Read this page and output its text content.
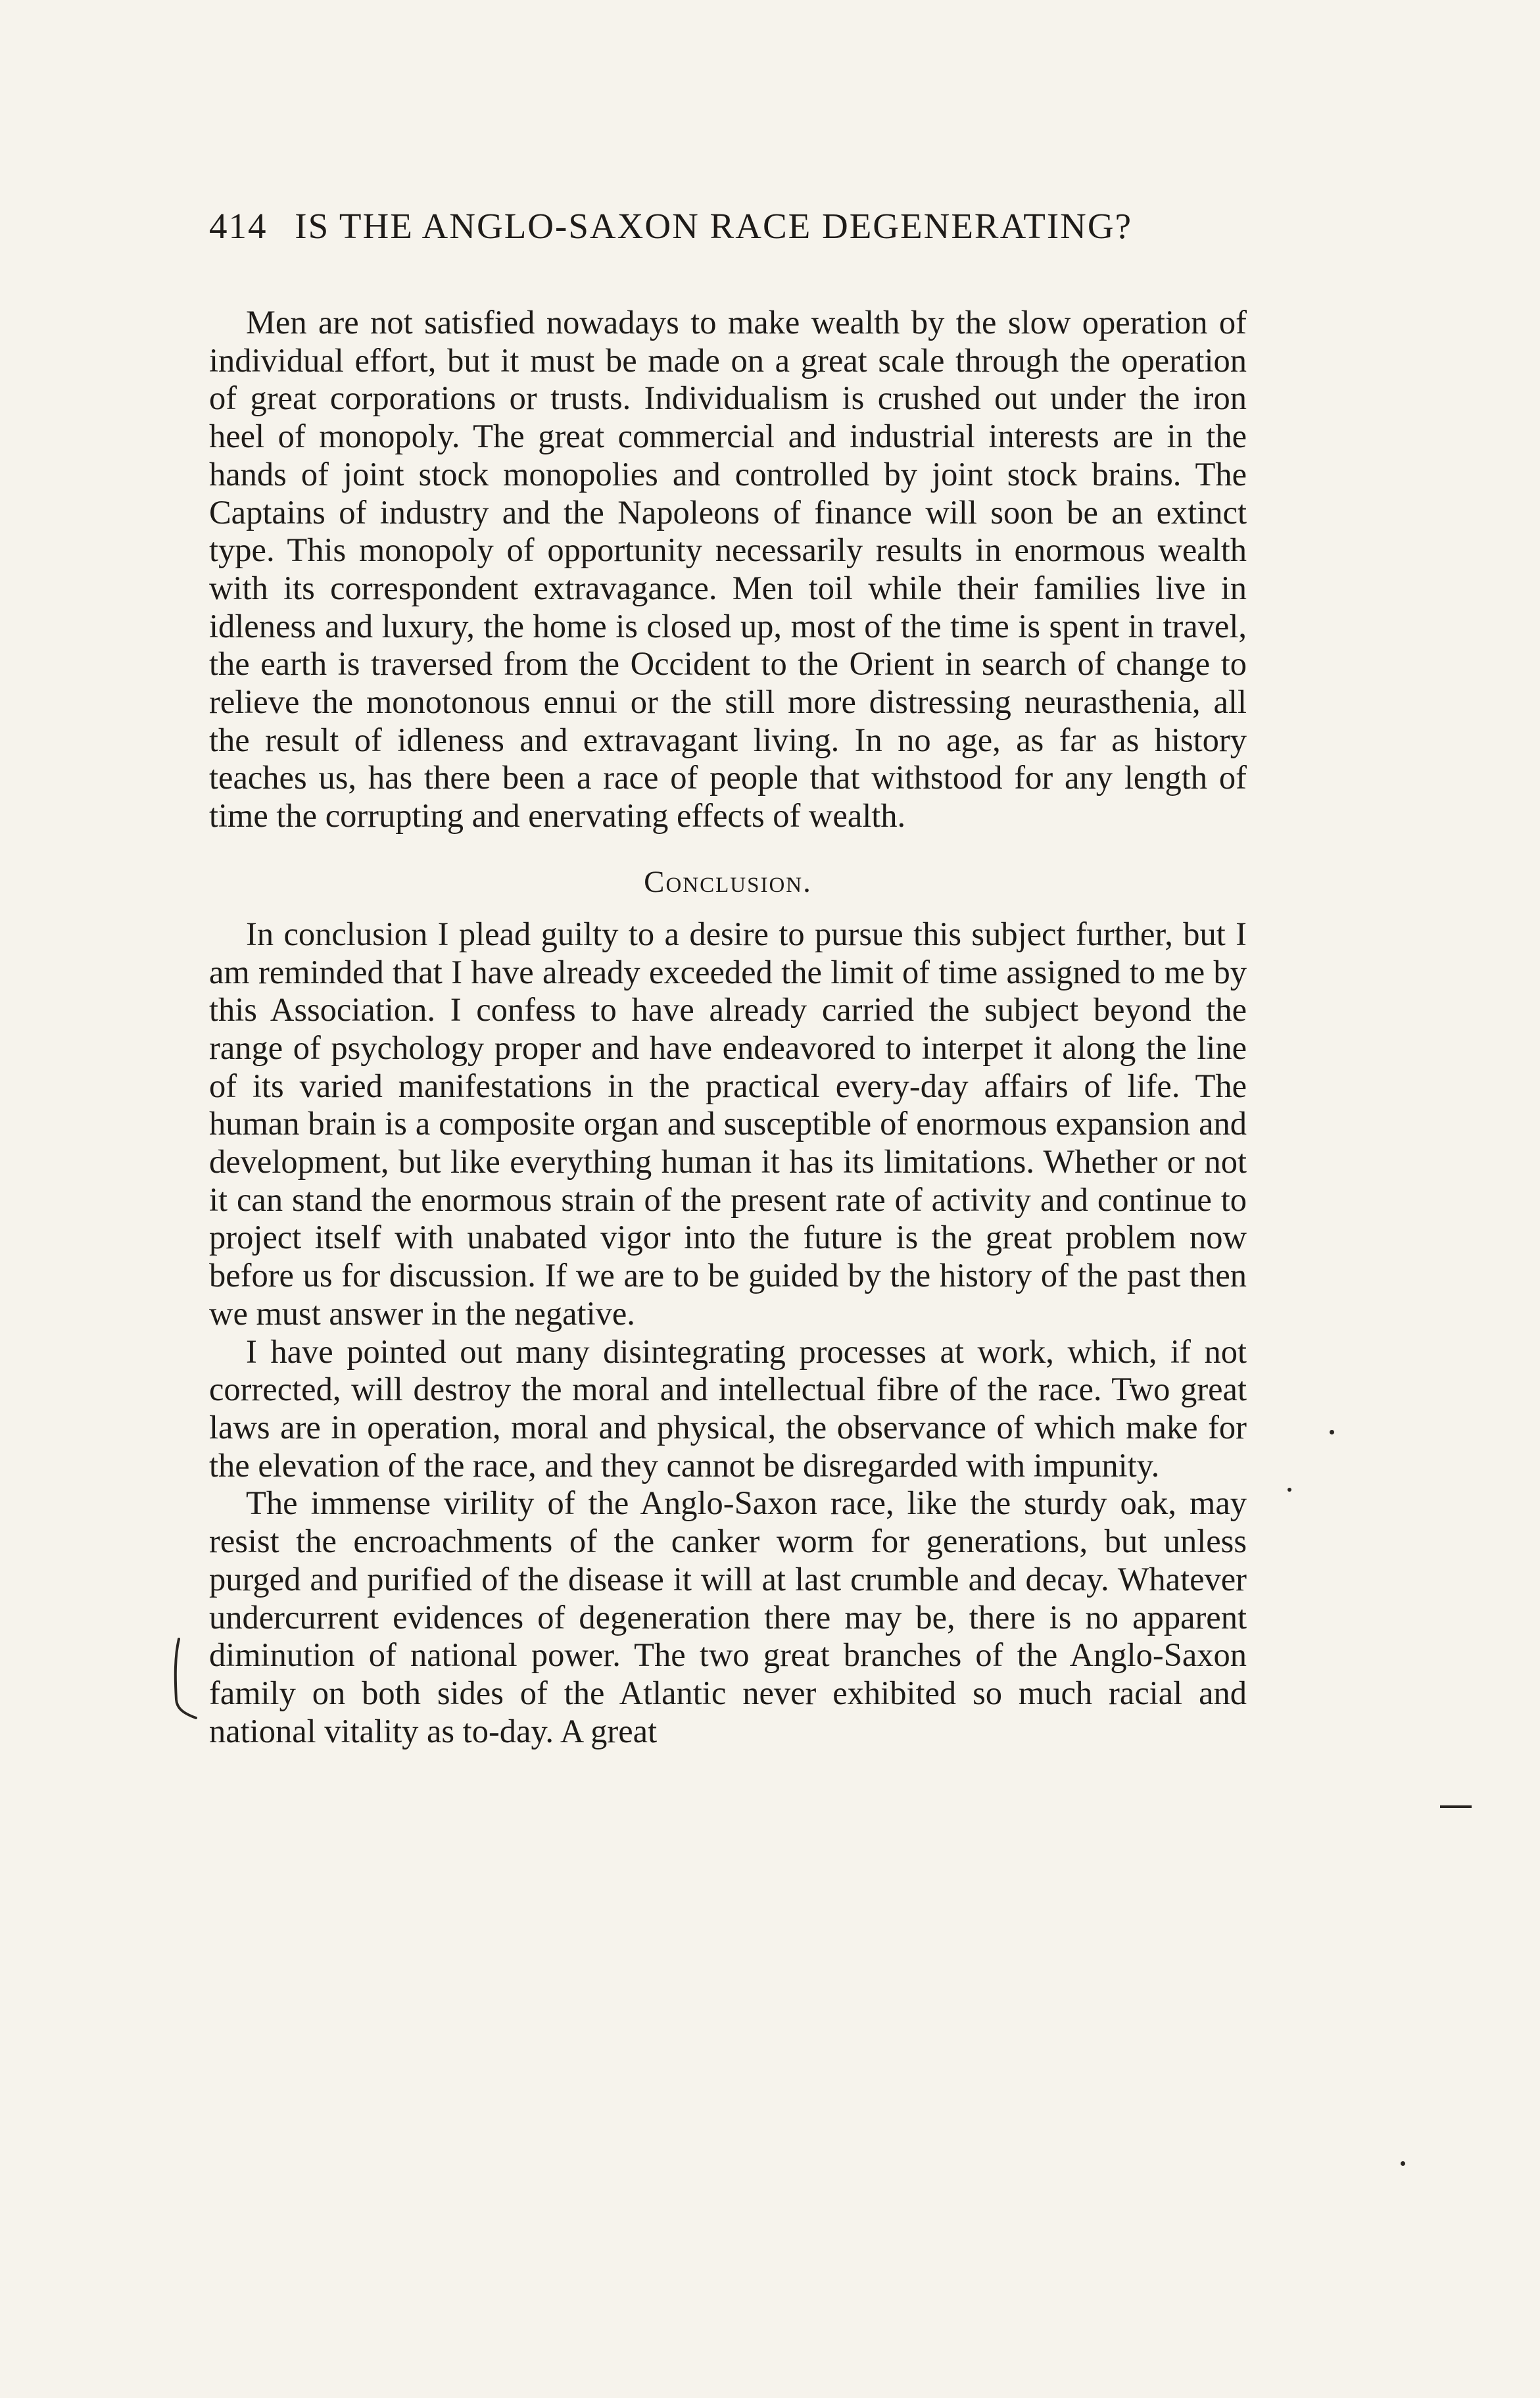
414 IS THE ANGLO-SAXON RACE DEGENERATING?

Men are not satisfied nowadays to make wealth by the slow operation of individual effort, but it must be made on a great scale through the operation of great corporations or trusts. Individualism is crushed out under the iron heel of monopoly. The great commercial and industrial interests are in the hands of joint stock monopolies and controlled by joint stock brains. The Captains of industry and the Napoleons of finance will soon be an extinct type. This monopoly of opportunity necessarily results in enormous wealth with its correspondent extravagance. Men toil while their families live in idleness and luxury, the home is closed up, most of the time is spent in travel, the earth is traversed from the Occident to the Orient in search of change to relieve the monotonous ennui or the still more distressing neurasthenia, all the result of idleness and extravagant living. In no age, as far as history teaches us, has there been a race of people that withstood for any length of time the corrupting and enervating effects of wealth.

Conclusion.

In conclusion I plead guilty to a desire to pursue this subject further, but I am reminded that I have already exceeded the limit of time assigned to me by this Association. I confess to have already carried the subject beyond the range of psychology proper and have endeavored to interpet it along the line of its varied manifestations in the practical every-day affairs of life. The human brain is a composite organ and susceptible of enormous expansion and development, but like everything human it has its limitations. Whether or not it can stand the enormous strain of the present rate of activity and continue to project itself with unabated vigor into the future is the great problem now before us for discussion. If we are to be guided by the history of the past then we must answer in the negative.

I have pointed out many disintegrating processes at work, which, if not corrected, will destroy the moral and intellectual fibre of the race. Two great laws are in operation, moral and physical, the observance of which make for the elevation of the race, and they cannot be disregarded with impunity.

The immense virility of the Anglo-Saxon race, like the sturdy oak, may resist the encroachments of the canker worm for generations, but unless purged and purified of the disease it will at last crumble and decay. Whatever undercurrent evidences of degeneration there may be, there is no apparent diminution of national power. The two great branches of the Anglo-Saxon family on both sides of the Atlantic never exhibited so much racial and national vitality as to-day. A great
